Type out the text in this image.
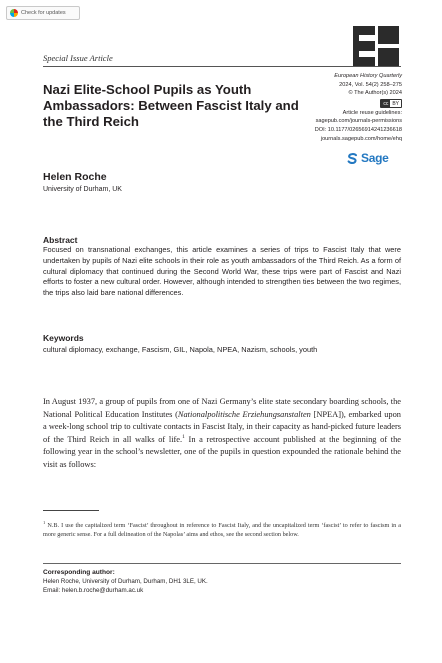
Check for updates
Special Issue Article
Nazi Elite-School Pupils as Youth Ambassadors: Between Fascist Italy and the Third Reich
European History Quarterly
2024, Vol. 54(2) 258–275
© The Author(s) 2024
cc BY
Article reuse guidelines:
sagepub.com/journals-permissions
DOI: 10.1177/02656914241236618
journals.sagepub.com/home/ehq
Sage
Helen Roche
University of Durham, UK
Abstract

Focused on transnational exchanges, this article examines a series of trips to Fascist Italy that were undertaken by pupils of Nazi elite schools in their role as youth ambassadors of the Third Reich. As a form of cultural diplomacy that continued during the Second World War, these trips were part of Fascist and Nazi efforts to foster a new cultural order. However, although intended to strengthen ties between the two regimes, the trips also laid bare national differences.

Keywords

cultural diplomacy, exchange, Fascism, GIL, Napola, NPEA, Nazism, schools, youth

In August 1937, a group of pupils from one of Nazi Germany’s elite state secondary boarding schools, the National Political Education Institutes (Nationalpolitische Erziehungsanstalten [NPEA]), embarked upon a week-long school trip to cultivate contacts in Fascist Italy, in their capacity as hand-picked future leaders of the Third Reich in all walks of life.$^1$ In a retrospective account published at the beginning of the following year in the school’s newsletter, one of the pupils in question expounded the rationale behind the visit as follows:

$^1$ N.B. I use the capitalized term ‘Fascist’ throughout in reference to Fascist Italy, and the uncapitalized term ‘fascist’ to refer to fascism in a more generic sense. For a full delineation of the Napolas’ aims and ethos, see the second section below.

Corresponding author:
Helen Roche, University of Durham, Durham, DH1 3LE, UK.
Email: helen.b.roche@durham.ac.uk
